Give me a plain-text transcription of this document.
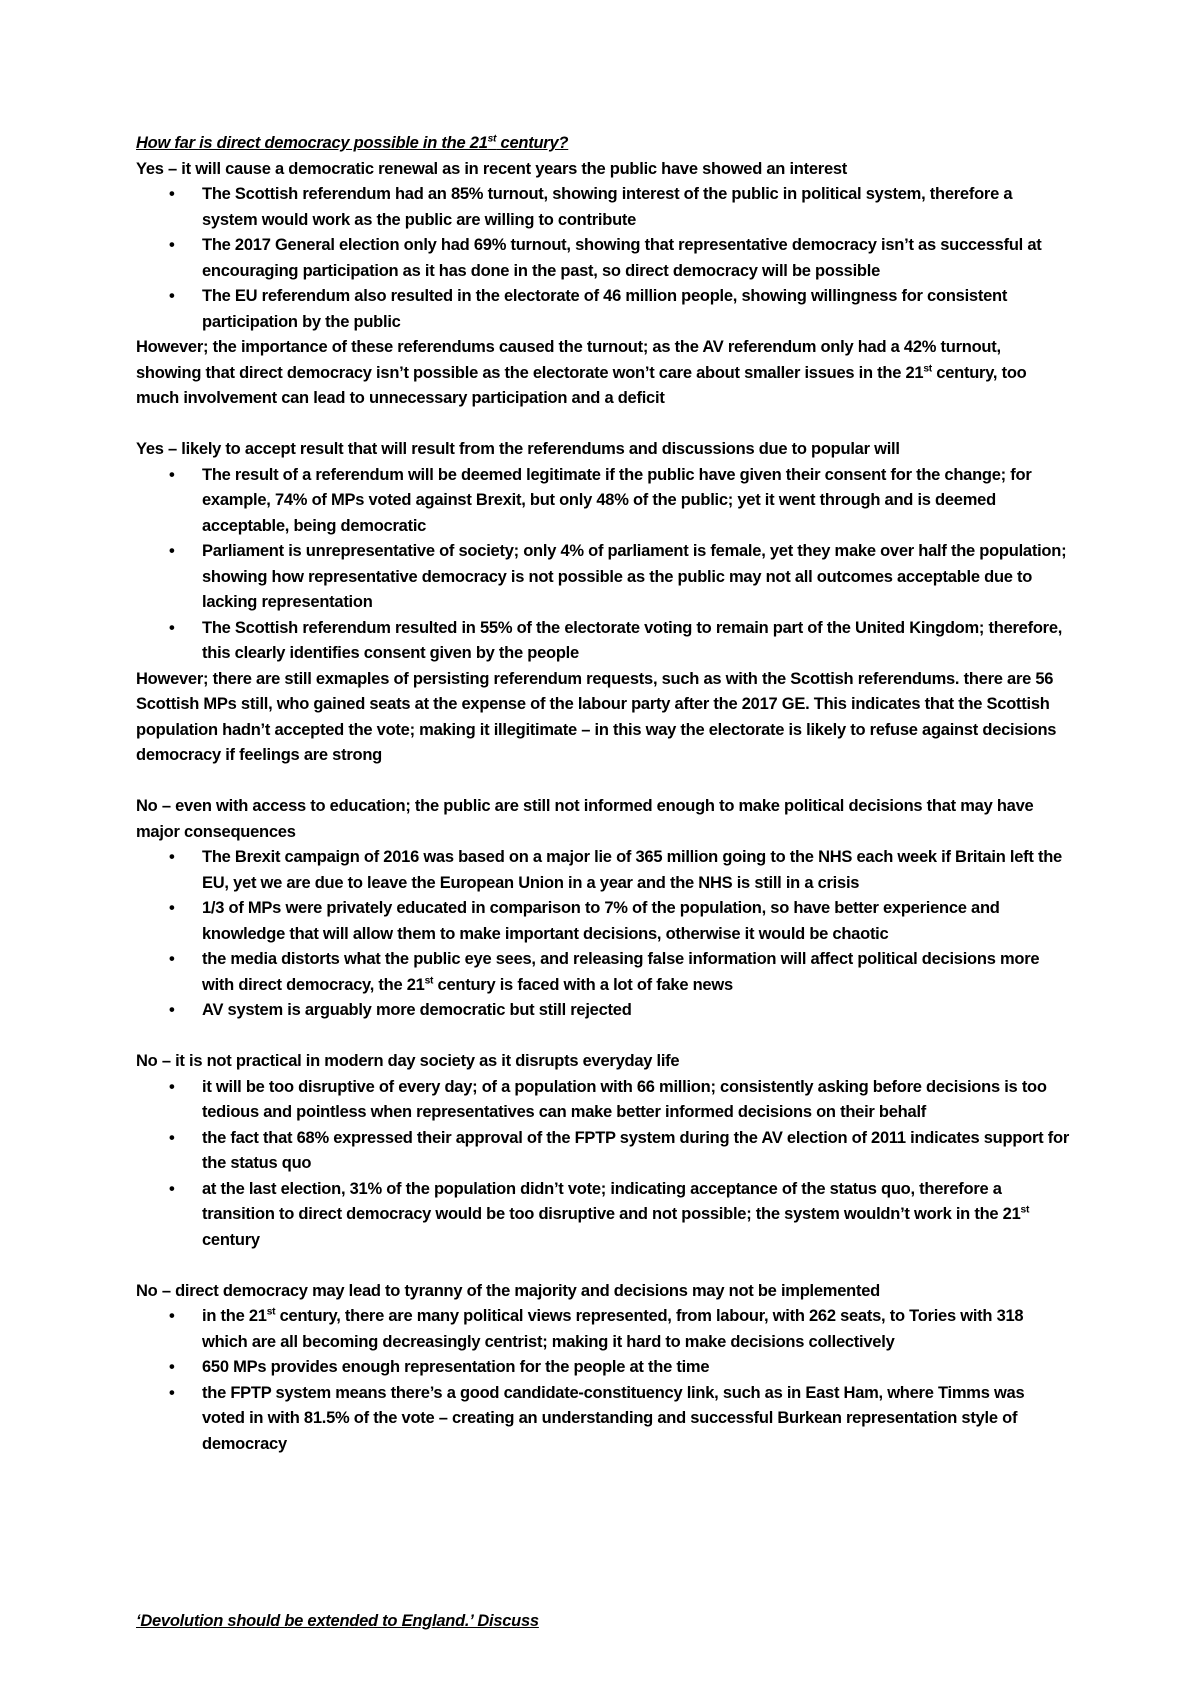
How far is direct democracy possible in the 21st century?

Yes – it will cause a democratic renewal as in recent years the public have showed an interest

•
The Scottish referendum had an 85% turnout, showing interest of the public in political system, therefore a system would work as the public are willing to contribute
•
The 2017 General election only had 69% turnout, showing that representative democracy isn’t as successful at encouraging participation as it has done in the past, so direct democracy will be possible
•
The EU referendum also resulted in the electorate of 46 million people, showing willingness for consistent participation by the public

However; the importance of these referendums caused the turnout; as the AV referendum only had a 42% turnout, showing that direct democracy isn’t possible as the electorate won’t care about smaller issues in the 21st century, too much involvement can lead to unnecessary participation and a deficit

Yes – likely to accept result that will result from the referendums and discussions due to popular will

•
The result of a referendum will be deemed legitimate if the public have given their consent for the change; for example, 74% of MPs voted against Brexit, but only 48% of the public; yet it went through and is deemed acceptable, being democratic
•
Parliament is unrepresentative of society; only 4% of parliament is female, yet they make over half the population; showing how representative democracy is not possible as the public may not all outcomes acceptable due to lacking representation
•
The Scottish referendum resulted in 55% of the electorate voting to remain part of the United Kingdom; therefore, this clearly identifies consent given by the people

However; there are still exmaples of persisting referendum requests, such as with the Scottish referendums. there are 56 Scottish MPs still, who gained seats at the expense of the labour party after the 2017 GE. This indicates that the Scottish population hadn’t accepted the vote; making it illegitimate – in this way the electorate is likely to refuse against decisions democracy if feelings are strong

No – even with access to education; the public are still not informed enough to make political decisions that may have major consequences

•
The Brexit campaign of 2016 was based on a major lie of 365 million going to the NHS each week if Britain left the EU, yet we are due to leave the European Union in a year and the NHS is still in a crisis
•
1/3 of MPs were privately educated in comparison to 7% of the population, so have better experience and knowledge that will allow them to make important decisions, otherwise it would be chaotic
•
the media distorts what the public eye sees, and releasing false information will affect political decisions more with direct democracy, the 21st century is faced with a lot of fake news
•
AV system is arguably more democratic but still rejected

No – it is not practical in modern day society as it disrupts everyday life

•
it will be too disruptive of every day; of a population with 66 million; consistently asking before decisions is too tedious and pointless when representatives can make better informed decisions on their behalf
•
the fact that 68% expressed their approval of the FPTP system during the AV election of 2011 indicates support for the status quo
•
at the last election, 31% of the population didn’t vote; indicating acceptance of the status quo, therefore a transition to direct democracy would be too disruptive and not possible; the system wouldn’t work in the 21st century

No – direct democracy may lead to tyranny of the majority and decisions may not be implemented

•
in the 21st century, there are many political views represented, from labour, with 262 seats, to Tories with 318 which are all becoming decreasingly centrist; making it hard to make decisions collectively
•
650 MPs provides enough representation for the people at the time
•
the FPTP system means there’s a good candidate-constituency link, such as in East Ham, where Timms was voted in with 81.5% of the vote – creating an understanding and successful Burkean representation style of democracy

‘Devolution should be extended to England.’ Discuss
